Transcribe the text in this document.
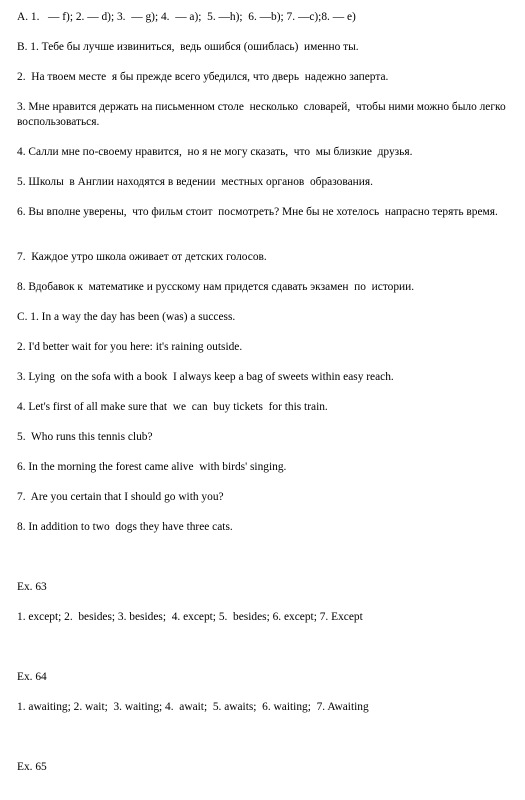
A. 1.   — f); 2. — d); 3.  — g); 4.  — a);  5. —h);  6. —b); 7. —c);8. — e)

B. 1. Тебе бы лучше извиниться,  ведь ошибся (ошиблась)  именно ты.

2.  На твоем месте  я бы прежде всего убедился, что дверь  надежно заперта.

3. Мне нравится держать на письменном столе  несколько  словарей,  чтобы ними можно было легко воспользоваться.

4. Салли мне по-своему нравится,  но я не могу сказать,  что  мы близкие  друзья.

5. Школы  в Англии находятся в ведении  местных органов  образования.

6. Вы вполне уверены,  что фильм стоит  посмотреть? Мне бы не хотелось  напрасно терять время.

7.  Каждое утро школа оживает от детских голосов.

8. Вдобавок к  математике и русскому нам придется сдавать экзамен  по  истории.

C. 1. In a way the day has been (was) a success.

2. I'd better wait for you here: it's raining outside.

3. Lying  on the sofa with a book  I always keep a bag of sweets within easy reach.

4. Let's first of all make sure that  we  can  buy tickets  for this train.

5.  Who runs this tennis club?

6. In the morning the forest came alive  with birds' singing.

7.  Are you certain that I should go with you?

8. In addition to two  dogs they have three cats.

Ex. 63

1. except; 2.  besides; 3. besides;  4. except; 5.  besides; 6. except; 7. Except

Ex. 64

1. awaiting; 2. wait;  3. waiting; 4.  await;  5. awaits;  6. waiting;  7. Awaiting

Ex. 65
